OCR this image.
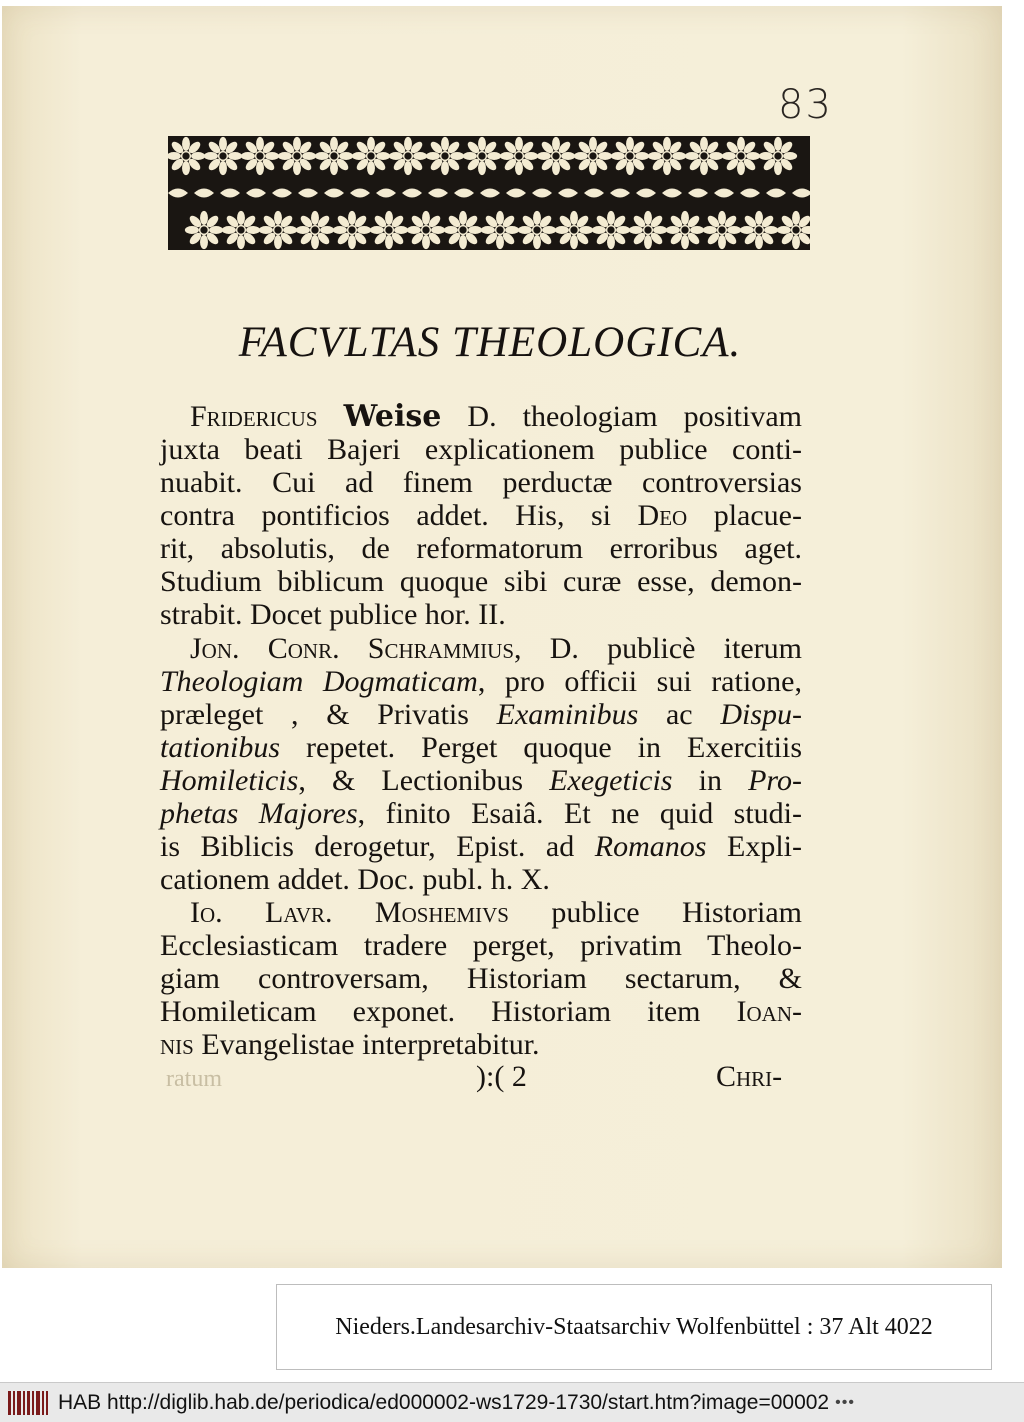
83
FACVLTAS THEOLOGICA.
 Fridericus Weise D. theologiam positivam
juxta beati Bajeri explicationem publice conti-
nuabit. Cui ad finem perductæ controversias
contra pontificios addet. His, si Deo placue-
rit, absolutis, de reformatorum erroribus aget.
Studium biblicum quoque sibi curæ esse, demon-
strabit. Docet publice hor. II.
 Jon. Conr. Schrammius, D. publicè iterum
Theologiam Dogmaticam, pro officii sui ratione,
præleget , & Privatis Examinibus ac Dispu-
tationibus repetet. Perget quoque in Exercitiis
Homileticis, & Lectionibus Exegeticis in Pro-
phetas Majores, finito Esaiâ. Et ne quid studi-
is Biblicis derogetur, Epist. ad Romanos Expli-
cationem addet. Doc. publ. h. X.
 Io. Lavr. Moshemivs publice Historiam
Ecclesiasticam tradere perget, privatim Theolo-
giam controversam, Historiam sectarum, &
Homileticam exponet. Historiam item Ioan-
nis Evangelistae interpretabitur.
ratum	):( 2	Chri-
Nieders.Landesarchiv-Staatsarchiv Wolfenbüttel : 37 Alt 4022
HAB http://diglib.hab.de/periodica/ed000002-ws1729-1730/start.htm?image=00002 •••
